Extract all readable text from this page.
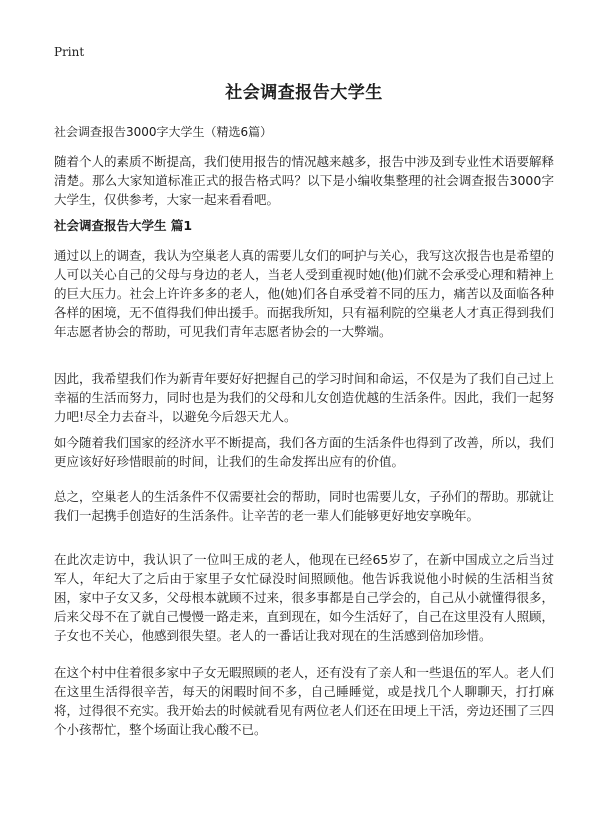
Print
社会调查报告大学生
社会调查报告3000字大学生（精选6篇）

随着个人的素质不断提高，我们使用报告的情况越来越多，报告中涉及到专业性术语要解释清楚。那么大家知道标准正式的报告格式吗？以下是小编收集整理的社会调查报告3000字大学生，仅供参考，大家一起来看看吧。

社会调查报告大学生 篇1

通过以上的调查，我认为空巢老人真的需要儿女们的呵护与关心，我写这次报告也是希望的人可以关心自己的父母与身边的老人，当老人受到重视时她(他)们就不会承受心理和精神上的巨大压力。社会上许许多多的老人，他(她)们各自承受着不同的压力，痛苦以及面临各种各样的困境，无不值得我们伸出援手。而据我所知，只有福利院的空巢老人才真正得到我们年志愿者协会的帮助，可见我们青年志愿者协会的一大弊端。

因此，我希望我们作为新青年要好好把握自己的学习时间和命运，不仅是为了我们自己过上幸福的生活而努力，同时也是为我们的父母和儿女创造优越的生活条件。因此，我们一起努力吧!尽全力去奋斗，以避免今后怨天尤人。

如今随着我们国家的经济水平不断提高，我们各方面的生活条件也得到了改善，所以，我们更应该好好珍惜眼前的时间，让我们的生命发挥出应有的价值。

总之，空巢老人的生活条件不仅需要社会的帮助，同时也需要儿女，子孙们的帮助。那就让我们一起携手创造好的生活条件。让辛苦的老一辈人们能够更好地安享晚年。

在此次走访中，我认识了一位叫王成的老人，他现在已经65岁了，在新中国成立之后当过军人，年纪大了之后由于家里子女忙碌没时间照顾他。他告诉我说他小时候的生活相当贫困，家中子女又多，父母根本就顾不过来，很多事都是自己学会的，自己从小就懂得很多，后来父母不在了就自己慢慢一路走来，直到现在，如今生活好了，自己在这里没有人照顾，子女也不关心，他感到很失望。老人的一番话让我对现在的生活感到倍加珍惜。

在这个村中住着很多家中子女无暇照顾的老人，还有没有了亲人和一些退伍的军人。老人们在这里生活得很辛苦，每天的闲暇时间不多，自己睡睡觉，或是找几个人聊聊天，打打麻将，过得很不充实。我开始去的时候就看见有两位老人们还在田埂上干活，旁边还围了三四个小孩帮忙，整个场面让我心酸不已。
